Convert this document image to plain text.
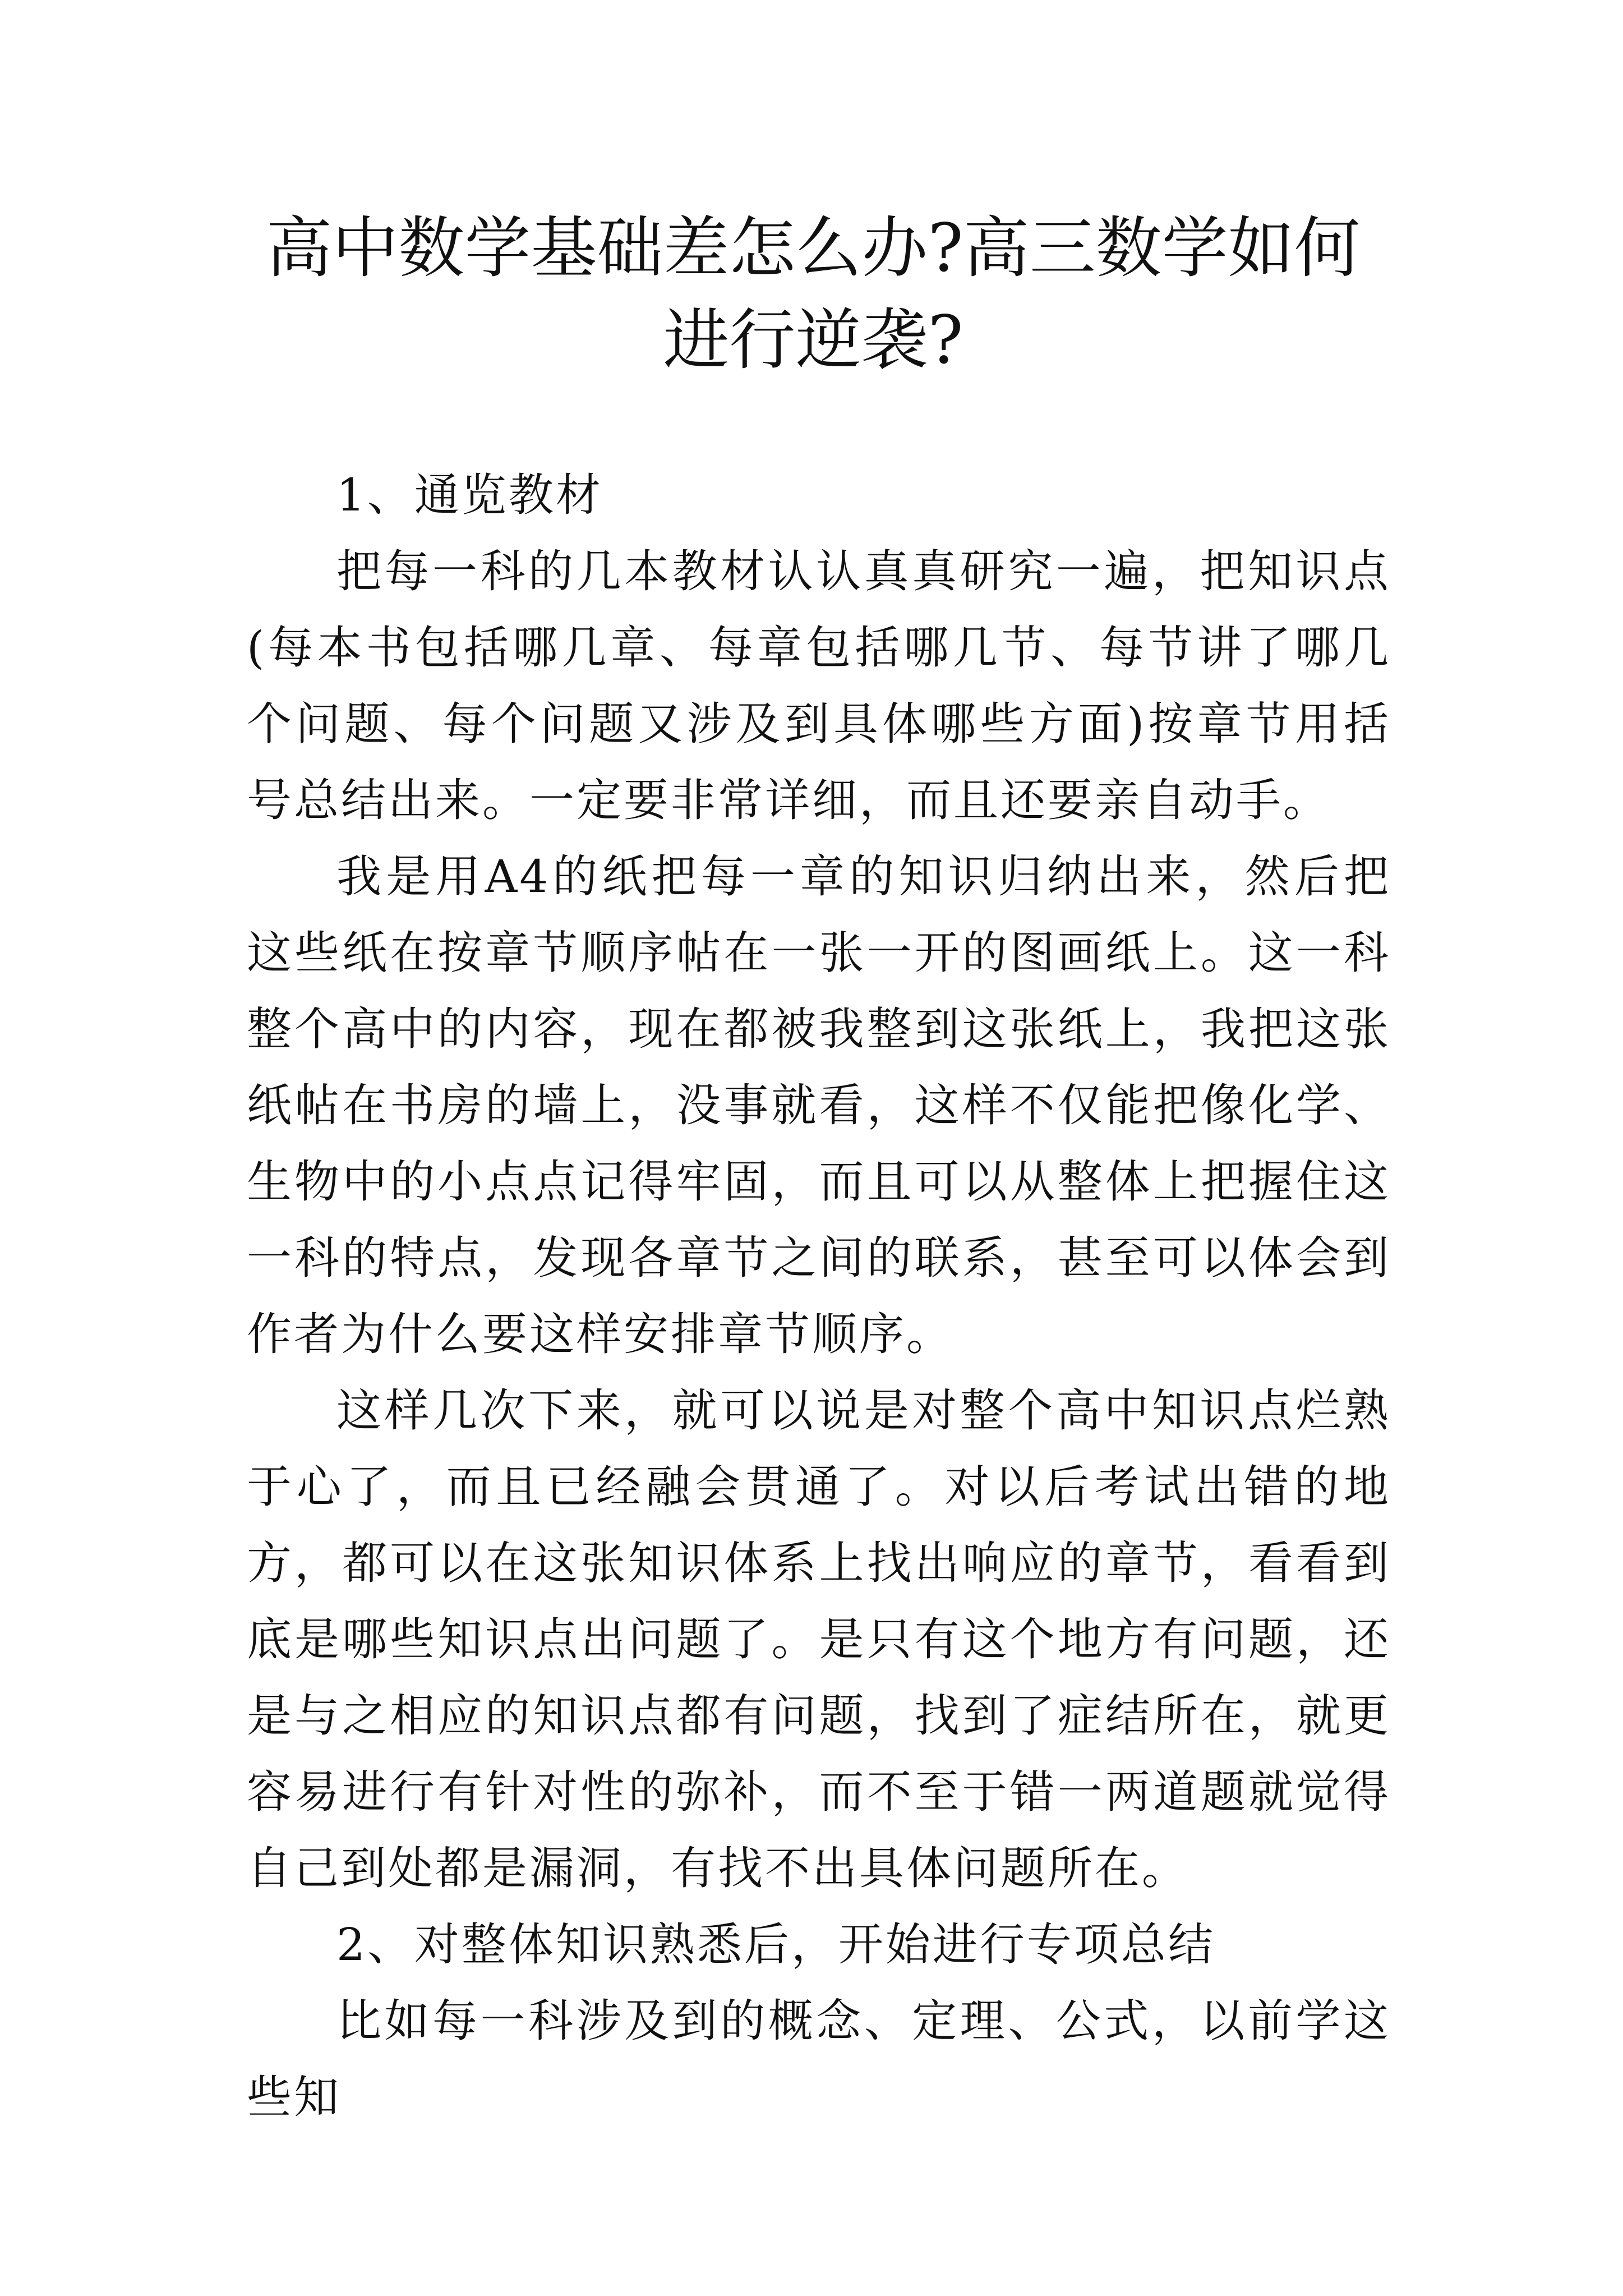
高中数学基础差怎么办?高三数学如何进行逆袭?

1、通览教材

把每一科的几本教材认认真真研究一遍，把知识点(每本书包括哪几章、每章包括哪几节、每节讲了哪几个问题、每个问题又涉及到具体哪些方面)按章节用括号总结出来。一定要非常详细，而且还要亲自动手。

我是用A4的纸把每一章的知识归纳出来，然后把这些纸在按章节顺序帖在一张一开的图画纸上。这一科整个高中的内容，现在都被我整到这张纸上，我把这张纸帖在书房的墙上，没事就看，这样不仅能把像化学、生物中的小点点记得牢固，而且可以从整体上把握住这一科的特点，发现各章节之间的联系，甚至可以体会到作者为什么要这样安排章节顺序。

这样几次下来，就可以说是对整个高中知识点烂熟于心了，而且已经融会贯通了。对以后考试出错的地方，都可以在这张知识体系上找出响应的章节，看看到底是哪些知识点出问题了。是只有这个地方有问题，还是与之相应的知识点都有问题，找到了症结所在，就更容易进行有针对性的弥补，而不至于错一两道题就觉得自己到处都是漏洞，有找不出具体问题所在。

2、对整体知识熟悉后，开始进行专项总结

比如每一科涉及到的概念、定理、公式，以前学这些知
